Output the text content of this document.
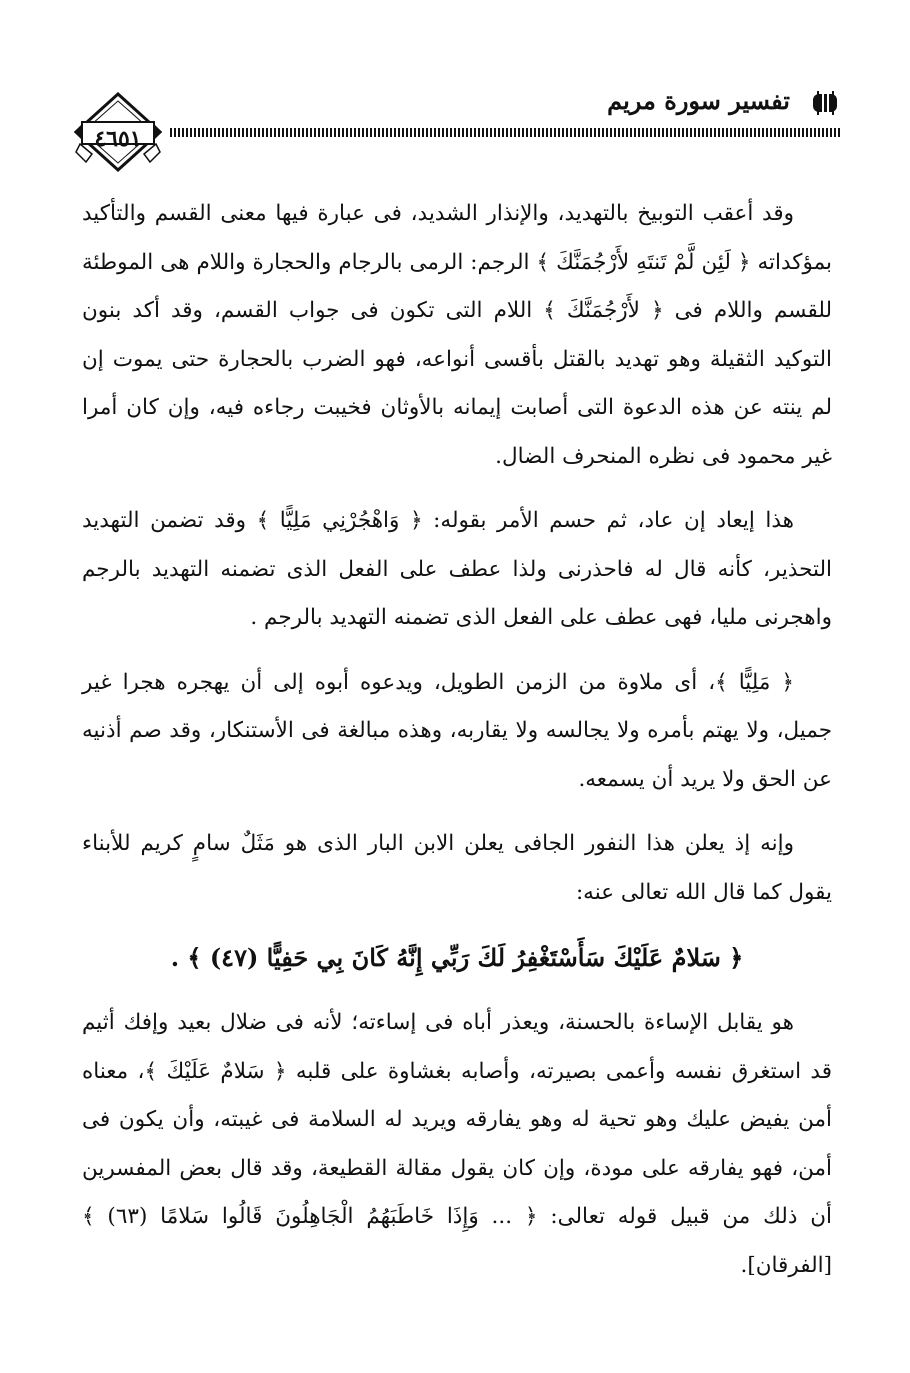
تفسير سورة مريم
٤٦٥١

وقد أعقب التوبيخ بالتهديد، والإنذار الشديد، فى عبارة فيها معنى القسم والتأكيد بمؤكداته ﴿ لَئِن لَّمْ تَنتَهِ لأَرْجُمَنَّكَ ﴾ الرجم: الرمى بالرجام والحجارة واللام هى الموطئة للقسم واللام فى ﴿ لأَرْجُمَنَّكَ ﴾ اللام التى تكون فى جواب القسم، وقد أكد بنون التوكيد الثقيلة وهو تهديد بالقتل بأقسى أنواعه، فهو الضرب بالحجارة حتى يموت إن لم ينته عن هذه الدعوة التى أصابت إيمانه بالأوثان فخيبت رجاءه فيه، وإن كان أمرا غير محمود فى نظره المنحرف الضال.

هذا إيعاد إن عاد، ثم حسم الأمر بقوله: ﴿ وَاهْجُرْنِي مَلِيًّا ﴾ وقد تضمن التهديد التحذير، كأنه قال له فاحذرنى ولذا عطف على الفعل الذى تضمنه التهديد بالرجم واهجرنى مليا، فهى عطف على الفعل الذى تضمنه التهديد بالرجم .

﴿ مَلِيًّا ﴾، أى ملاوة من الزمن الطويل، ويدعوه أبوه إلى أن يهجره هجرا غير جميل، ولا يهتم بأمره ولا يجالسه ولا يقاربه، وهذه مبالغة فى الأستنكار، وقد صم أذنيه عن الحق ولا يريد أن يسمعه.

وإنه إذ يعلن هذا النفور الجافى يعلن الابن البار الذى هو مَثَلٌ سامٍ كريم للأبناء يقول كما قال الله تعالى عنه:

﴿ سَلامٌ عَلَيْكَ سَأَسْتَغْفِرُ لَكَ رَبِّي إِنَّهُ كَانَ بِي حَفِيًّا (٤٧) ﴾ .

هو يقابل الإساءة بالحسنة، ويعذر أباه فى إساءته؛ لأنه فى ضلال بعيد وإفك أثيم قد استغرق نفسه وأعمى بصيرته، وأصابه بغشاوة على قلبه ﴿ سَلامٌ عَلَيْكَ ﴾، معناه أمن يفيض عليك وهو تحية له وهو يفارقه ويريد له السلامة فى غيبته، وأن يكون فى أمن، فهو يفارقه على مودة، وإن كان يقول مقالة القطيعة، وقد قال بعض المفسرين أن ذلك من قبيل قوله تعالى: ﴿ ... وَإِذَا خَاطَبَهُمُ الْجَاهِلُونَ قَالُوا سَلامًا (٦٣) ﴾ [الفرقان].
